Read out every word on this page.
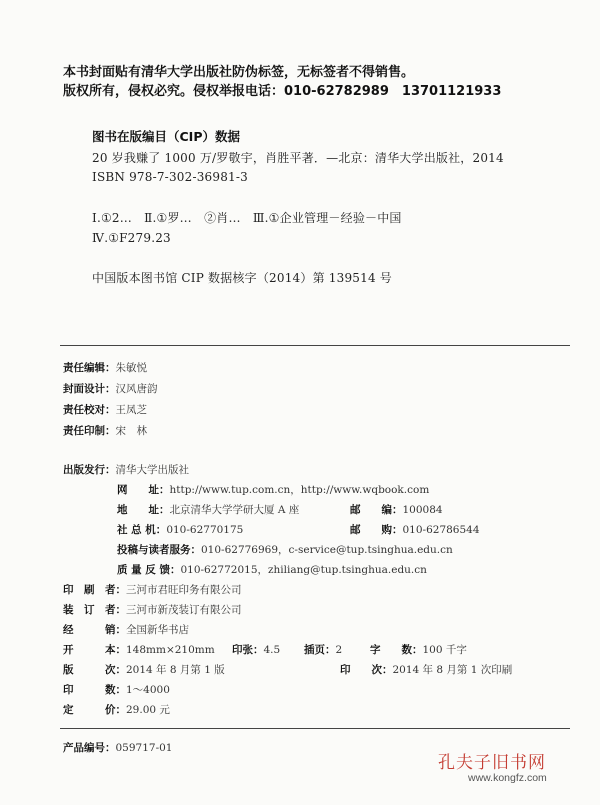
本书封面贴有清华大学出版社防伪标签，无标签者不得销售。
版权所有，侵权必究。侵权举报电话：010-62782989　13701121933
图书在版编目（CIP）数据
20 岁我赚了 1000 万/罗敬宇，肖胜平著．—北京：清华大学出版社，2014
ISBN 978-7-302-36981-3
Ⅰ.①2…　Ⅱ.①罗…　②肖…　Ⅲ.①企业管理－经验－中国
Ⅳ.①F279.23
中国版本图书馆 CIP 数据核字（2014）第 139514 号
责任编辑：朱敏悦
封面设计：汉风唐韵
责任校对：王凤芝
责任印制：宋　林
出版发行：清华大学出版社
网　　址：http://www.tup.com.cn，http://www.wqbook.com
地　　址：北京清华大学学研大厦 A 座	邮　　编：100084
社 总 机：010-62770175	邮　　购：010-62786544
投稿与读者服务：010-62776969，c-service@tup.tsinghua.edu.cn
质 量 反 馈：010-62772015，zhiliang@tup.tsinghua.edu.cn
印　刷　者：三河市君旺印务有限公司
装　订　者：三河市新茂装订有限公司
经　　　销：全国新华书店
开　　　本：148mm×210mm 印张：4.5 插页：2	字　　数：100 千字
版　　　次：2014 年 8 月第 1 版	印　　次：2014 年 8 月第 1 次印刷
印　　　数：1～4000
定　　　价：29.00 元
产品编号：059717-01
孔夫子旧书网
www.kongfz.com
